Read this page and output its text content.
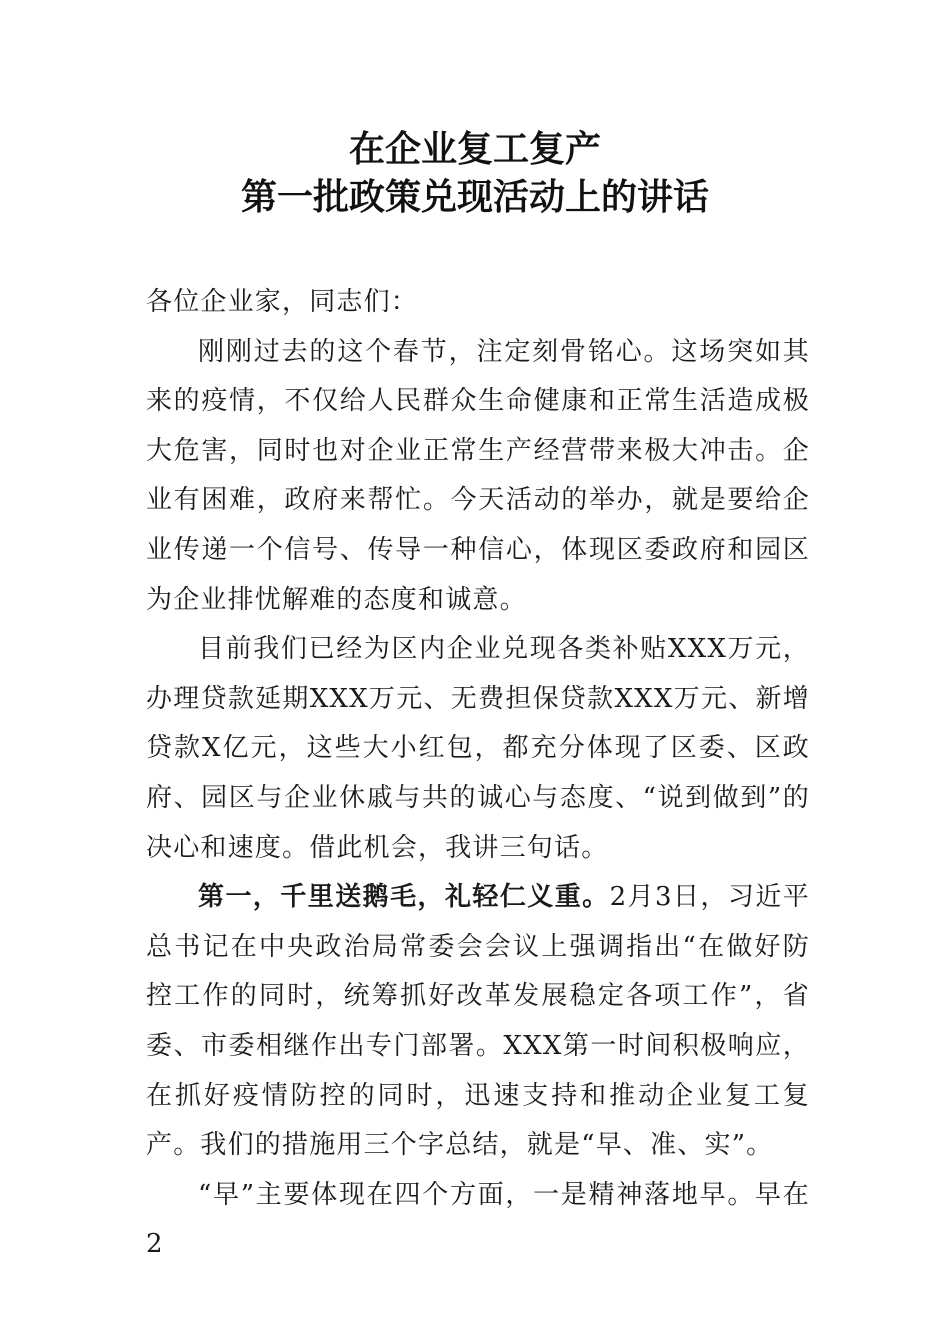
在企业复工复产
第一批政策兑现活动上的讲话

各位企业家，同志们：

刚刚过去的这个春节，注定刻骨铭心。这场突如其来的疫情，不仅给人民群众生命健康和正常生活造成极大危害，同时也对企业正常生产经营带来极大冲击。企业有困难，政府来帮忙。今天活动的举办，就是要给企业传递一个信号、传导一种信心，体现区委政府和园区为企业排忧解难的态度和诚意。

目前我们已经为区内企业兑现各类补贴XXX万元，办理贷款延期XXX万元、无费担保贷款XXX万元、新增贷款X亿元，这些大小红包，都充分体现了区委、区政府、园区与企业休戚与共的诚心与态度、“说到做到”的决心和速度。借此机会，我讲三句话。

第一，千里送鹅毛，礼轻仁义重。2月3日，习近平总书记在中央政治局常委会会议上强调指出“在做好防控工作的同时，统筹抓好改革发展稳定各项工作”，省委、市委相继作出专门部署。XXX第一时间积极响应，在抓好疫情防控的同时，迅速支持和推动企业复工复产。我们的措施用三个字总结，就是“早、准、实”。

“早”主要体现在四个方面，一是精神落地早。早在2
